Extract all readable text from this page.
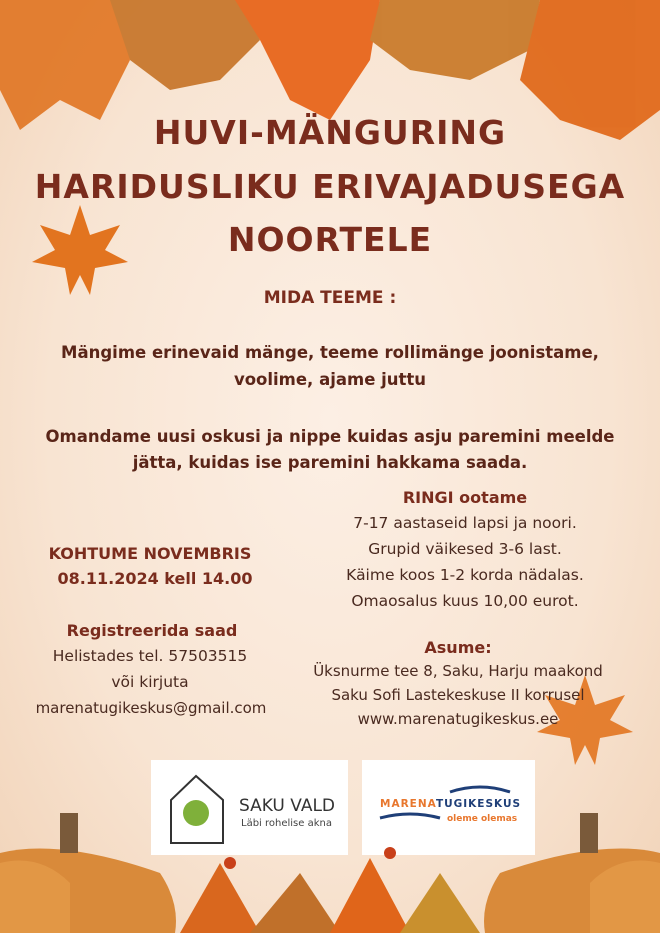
HUVI-MÄNGURING
HARIDUSLIKU ERIVAJADUSEGA
NOORTELE
MIDA TEEME :
Mängime erinevaid mänge, teeme rollimänge joonistame,
voolime, ajame juttu
Omandame uusi oskusi ja nippe kuidas asju paremini meelde
jätta, kuidas ise paremini hakkama saada.
RINGI ootame
7-17 aastaseid lapsi ja noori.
Grupid väikesed 3-6 last.
Käime koos 1-2 korda nädalas.
Omaosalus kuus 10,00 eurot.
Asume:
Üksnurme tee 8, Saku, Harju maakond
Saku Sofi Lastekeskuse II korrusel
www.marenatugikeskus.ee
KOHTUME NOVEMBRIS
08.11.2024 kell 14.00
Registreerida saad
Helistades tel. 57503515
või kirjuta
marenatugikeskus@gmail.com
SAKU VALD
Läbi rohelise akna
MARENATUGIKESKUS
oleme olemas
